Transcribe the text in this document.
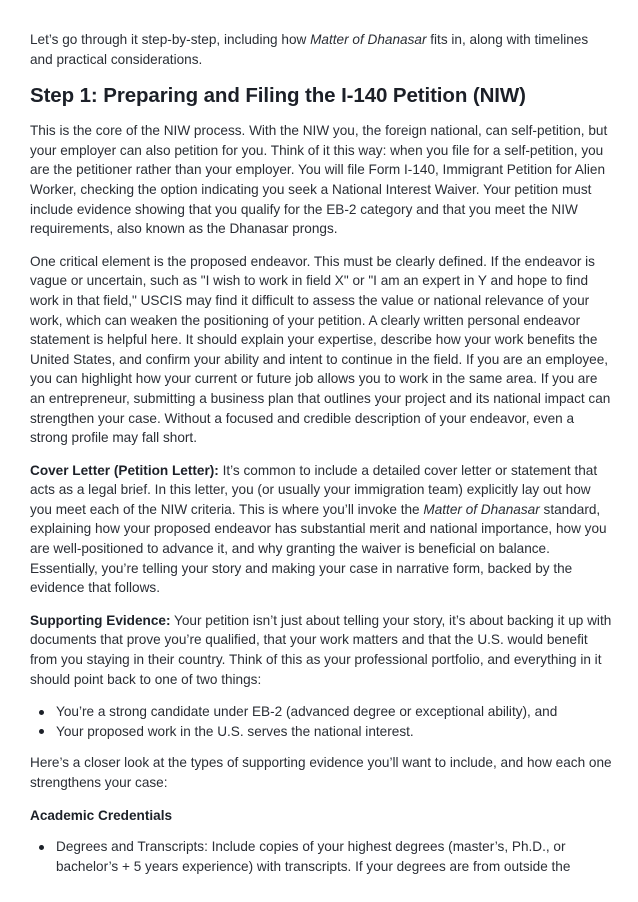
Let’s go through it step-by-step, including how Matter of Dhanasar fits in, along with timelines and practical considerations.

Step 1: Preparing and Filing the I-140 Petition (NIW)

This is the core of the NIW process. With the NIW you, the foreign national, can self-petition, but your employer can also petition for you. Think of it this way: when you file for a self-petition, you are the petitioner rather than your employer. You will file Form I-140, Immigrant Petition for Alien Worker, checking the option indicating you seek a National Interest Waiver. Your petition must include evidence showing that you qualify for the EB-2 category and that you meet the NIW requirements, also known as the Dhanasar prongs.

One critical element is the proposed endeavor. This must be clearly defined. If the endeavor is vague or uncertain, such as "I wish to work in field X" or "I am an expert in Y and hope to find work in that field," USCIS may find it difficult to assess the value or national relevance of your work, which can weaken the positioning of your petition. A clearly written personal endeavor statement is helpful here. It should explain your expertise, describe how your work benefits the United States, and confirm your ability and intent to continue in the field. If you are an employee, you can highlight how your current or future job allows you to work in the same area. If you are an entrepreneur, submitting a business plan that outlines your project and its national impact can strengthen your case. Without a focused and credible description of your endeavor, even a strong profile may fall short.

Cover Letter (Petition Letter): It’s common to include a detailed cover letter or statement that acts as a legal brief. In this letter, you (or usually your immigration team) explicitly lay out how you meet each of the NIW criteria. This is where you’ll invoke the Matter of Dhanasar standard, explaining how your proposed endeavor has substantial merit and national importance, how you are well-positioned to advance it, and why granting the waiver is beneficial on balance. Essentially, you’re telling your story and making your case in narrative form, backed by the evidence that follows.

Supporting Evidence: Your petition isn’t just about telling your story, it’s about backing it up with documents that prove you’re qualified, that your work matters and that the U.S. would benefit from you staying in their country. Think of this as your professional portfolio, and everything in it should point back to one of two things:

You’re a strong candidate under EB-2 (advanced degree or exceptional ability), and
Your proposed work in the U.S. serves the national interest.

Here’s a closer look at the types of supporting evidence you’ll want to include, and how each one strengthens your case:

Academic Credentials
Degrees and Transcripts: Include copies of your highest degrees (master’s, Ph.D., or bachelor’s + 5 years experience) with transcripts. If your degrees are from outside the
